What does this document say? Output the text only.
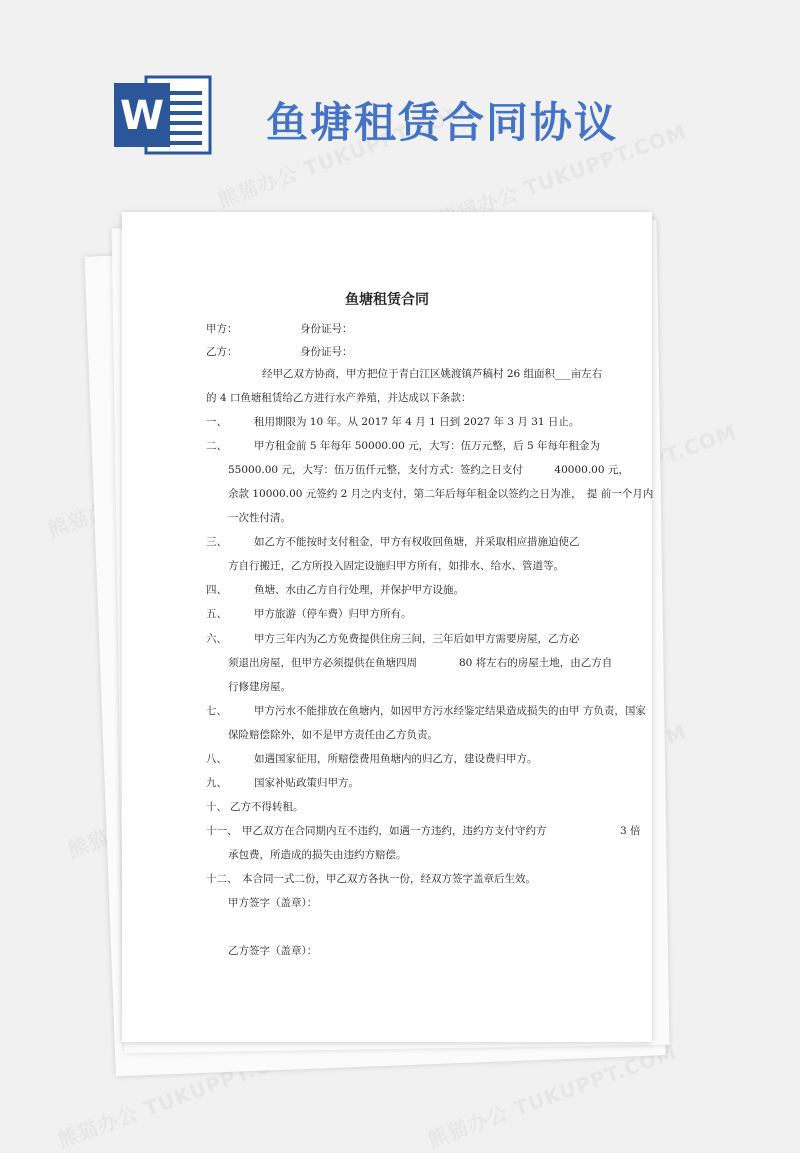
W 鱼塘租赁合同协议
鱼塘租赁合同
甲方：	身份证号：
乙方：	身份证号：
经甲乙双方协商，甲方把位于青白江区姚渡镇芦稿村 26 组面积___亩左右
的 4 口鱼塘租赁给乙方进行水产养殖，并达成以下条款：
一、	租用期限为 10 年。从 2017 年 4 月 1 日到 2027 年 3 月 31 日止。
二、	甲方租金前 5 年每年 50000.00 元，大写：伍万元整，后 5 年每年租金为
55000.00 元，大写：伍万伍仟元整，支付方式：签约之日支付　　　40000.00 元，
余款 10000.00 元签约 2 月之内支付，第二年后每年租金以签约之日为准，　提 前一个月内
一次性付清。
三、	如乙方不能按时支付租金，甲方有权收回鱼塘，并采取相应措施迫使乙
方自行搬迁，乙方所投入固定设施归甲方所有，如排水、给水、管道等。
四、	鱼塘、水由乙方自行处理，并保护甲方设施。
五、	甲方旅游（停车费）归甲方所有。
六、	甲方三年内为乙方免费提供住房三间，三年后如甲方需要房屋，乙方必
须退出房屋，但甲方必须提供在鱼塘四周　　　　80 将左右的房屋土地，由乙方自
行修建房屋。
七、	甲方污水不能排放在鱼塘内，如因甲方污水经鉴定结果造成损失的由甲 方负责，国家
保险赔偿除外，如不是甲方责任由乙方负责。
八、	如遇国家征用，所赔偿费用鱼塘内的归乙方，建设费归甲方。
九、	国家补贴政策归甲方。
十、 乙方不得转租。
十一、 甲乙双方在合同期内互不违约，如遇一方违约，违约方支付守约方　　　　　　　3 倍
承包费，所造成的损失由违约方赔偿。
十二、 本合同一式二份，甲乙双方各执一份，经双方签字盖章后生效。
甲方签字（盖章）：
乙方签字（盖章）：
